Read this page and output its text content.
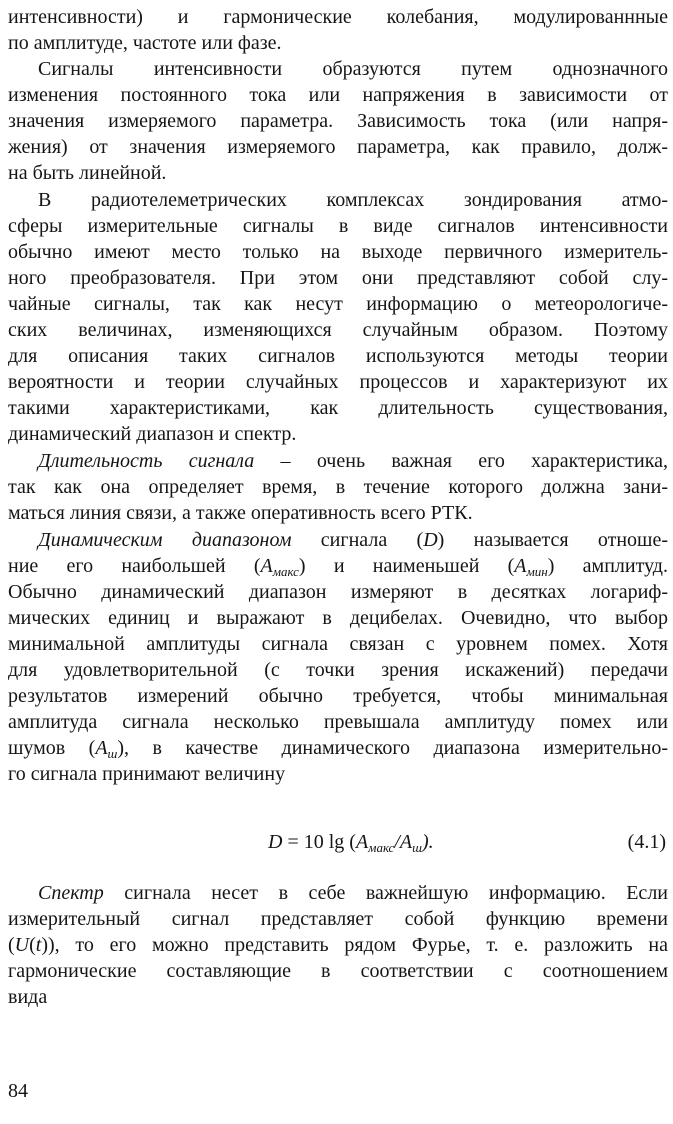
интенсивности) и гармонические колебания, модулированнные
по амплитуде, частоте или фазе.
Сигналы интенсивности образуются путем однозначного
изменения постоянного тока или напряжения в зависимости от
значения измеряемого параметра. Зависимость тока (или напря-
жения) от значения измеряемого параметра, как правило, долж-
на быть линейной.
В радиотелеметрических комплексах зондирования атмо-
сферы измерительные сигналы в виде сигналов интенсивности
обычно имеют место только на выходе первичного измеритель-
ного преобразователя. При этом они представляют собой слу-
чайные сигналы, так как несут информацию о метеорологиче-
ских величинах, изменяющихся случайным образом. Поэтому
для описания таких сигналов используются методы теории
вероятности и теории случайных процессов и характеризуют их
такими характеристиками, как длительность существования,
динамический диапазон и спектр.
Длительность сигнала – очень важная его характеристика,
так как она определяет время, в течение которого должна зани-
маться линия связи, а также оперативность всего РТК.
Динамическим диапазоном сигнала (D) называется отноше-
ние его наибольшей $(A_{макс})$ и наименьшей $(A_{мин})$ амплитуд.
Обычно динамический диапазон измеряют в десятках логариф-
мических единиц и выражают в децибелах. Очевидно, что выбор
минимальной амплитуды сигнала связан с уровнем помех. Хотя
для удовлетворительной (с точки зрения искажений) передачи
результатов измерений обычно требуется, чтобы минимальная
амплитуда сигнала несколько превышала амплитуду помех или
шумов $(A_ш)$, в качестве динамического диапазона измерительно-
го сигнала принимают величину
D = 10 $\lg (A_{макс}/A_ш)$.	(4.1)
Спектр сигнала несет в себе важнейшую информацию. Если
измерительный сигнал представляет собой функцию времени
(U(t)), то его можно представить рядом Фурье, т. е. разложить на
гармонические составляющие в соответствии с соотношением
вида
84
